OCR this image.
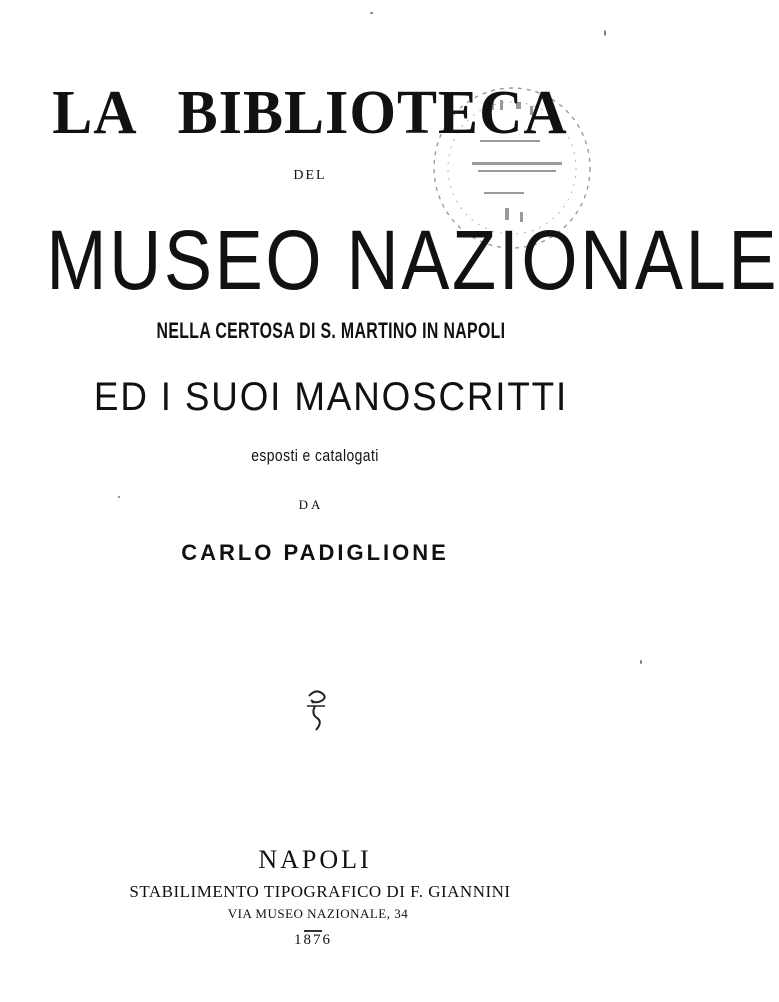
LA BIBLIOTECA
DEL
MUSEO NAZIONALE
NELLA CERTOSA DI S. MARTINO IN NAPOLI
ED I SUOI MANOSCRITTI
esposti e catalogati
DA
CARLO PADIGLIONE
NAPOLI
STABILIMENTO TIPOGRAFICO DI F. GIANNINI
VIA MUSEO NAZIONALE, 34
1876
